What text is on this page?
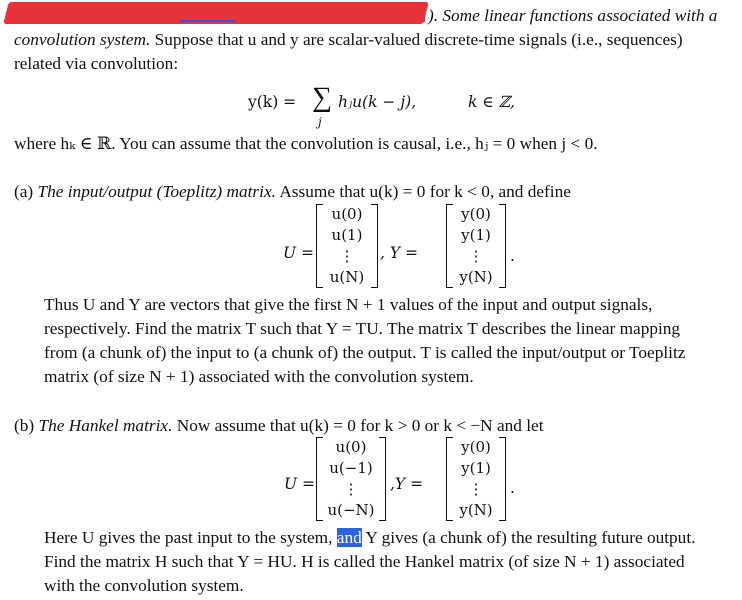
). Some linear functions associated with a
convolution system. Suppose that u and y are scalar-valued discrete-time signals (i.e., sequences)
related via convolution:
y(k) = ∑
j
hⱼu(k − j),	k ∈ ℤ,
where hₖ ∈ ℝ. You can assume that the convolution is causal, i.e., hⱼ = 0 when j < 0.
(a) The input/output (Toeplitz) matrix. Assume that u(k) = 0 for k < 0, and define
U =
u(0)
u(1)
⋮
u(N)
, Y =
y(0)
y(1)
⋮
y(N)
.
Thus U and Y are vectors that give the first N + 1 values of the input and output signals,
respectively. Find the matrix T such that Y = TU. The matrix T describes the linear mapping
from (a chunk of) the input to (a chunk of) the output. T is called the input/output or Toeplitz
matrix (of size N + 1) associated with the convolution system.
(b) The Hankel matrix. Now assume that u(k) = 0 for k > 0 or k < −N and let
U =
u(0)
u(−1)
⋮
u(−N)
,Y =
y(0)
y(1)
⋮
y(N)
.
Here U gives the past input to the system, and Y gives (a chunk of) the resulting future output.
Find the matrix H such that Y = HU. H is called the Hankel matrix (of size N + 1) associated
with the convolution system.
